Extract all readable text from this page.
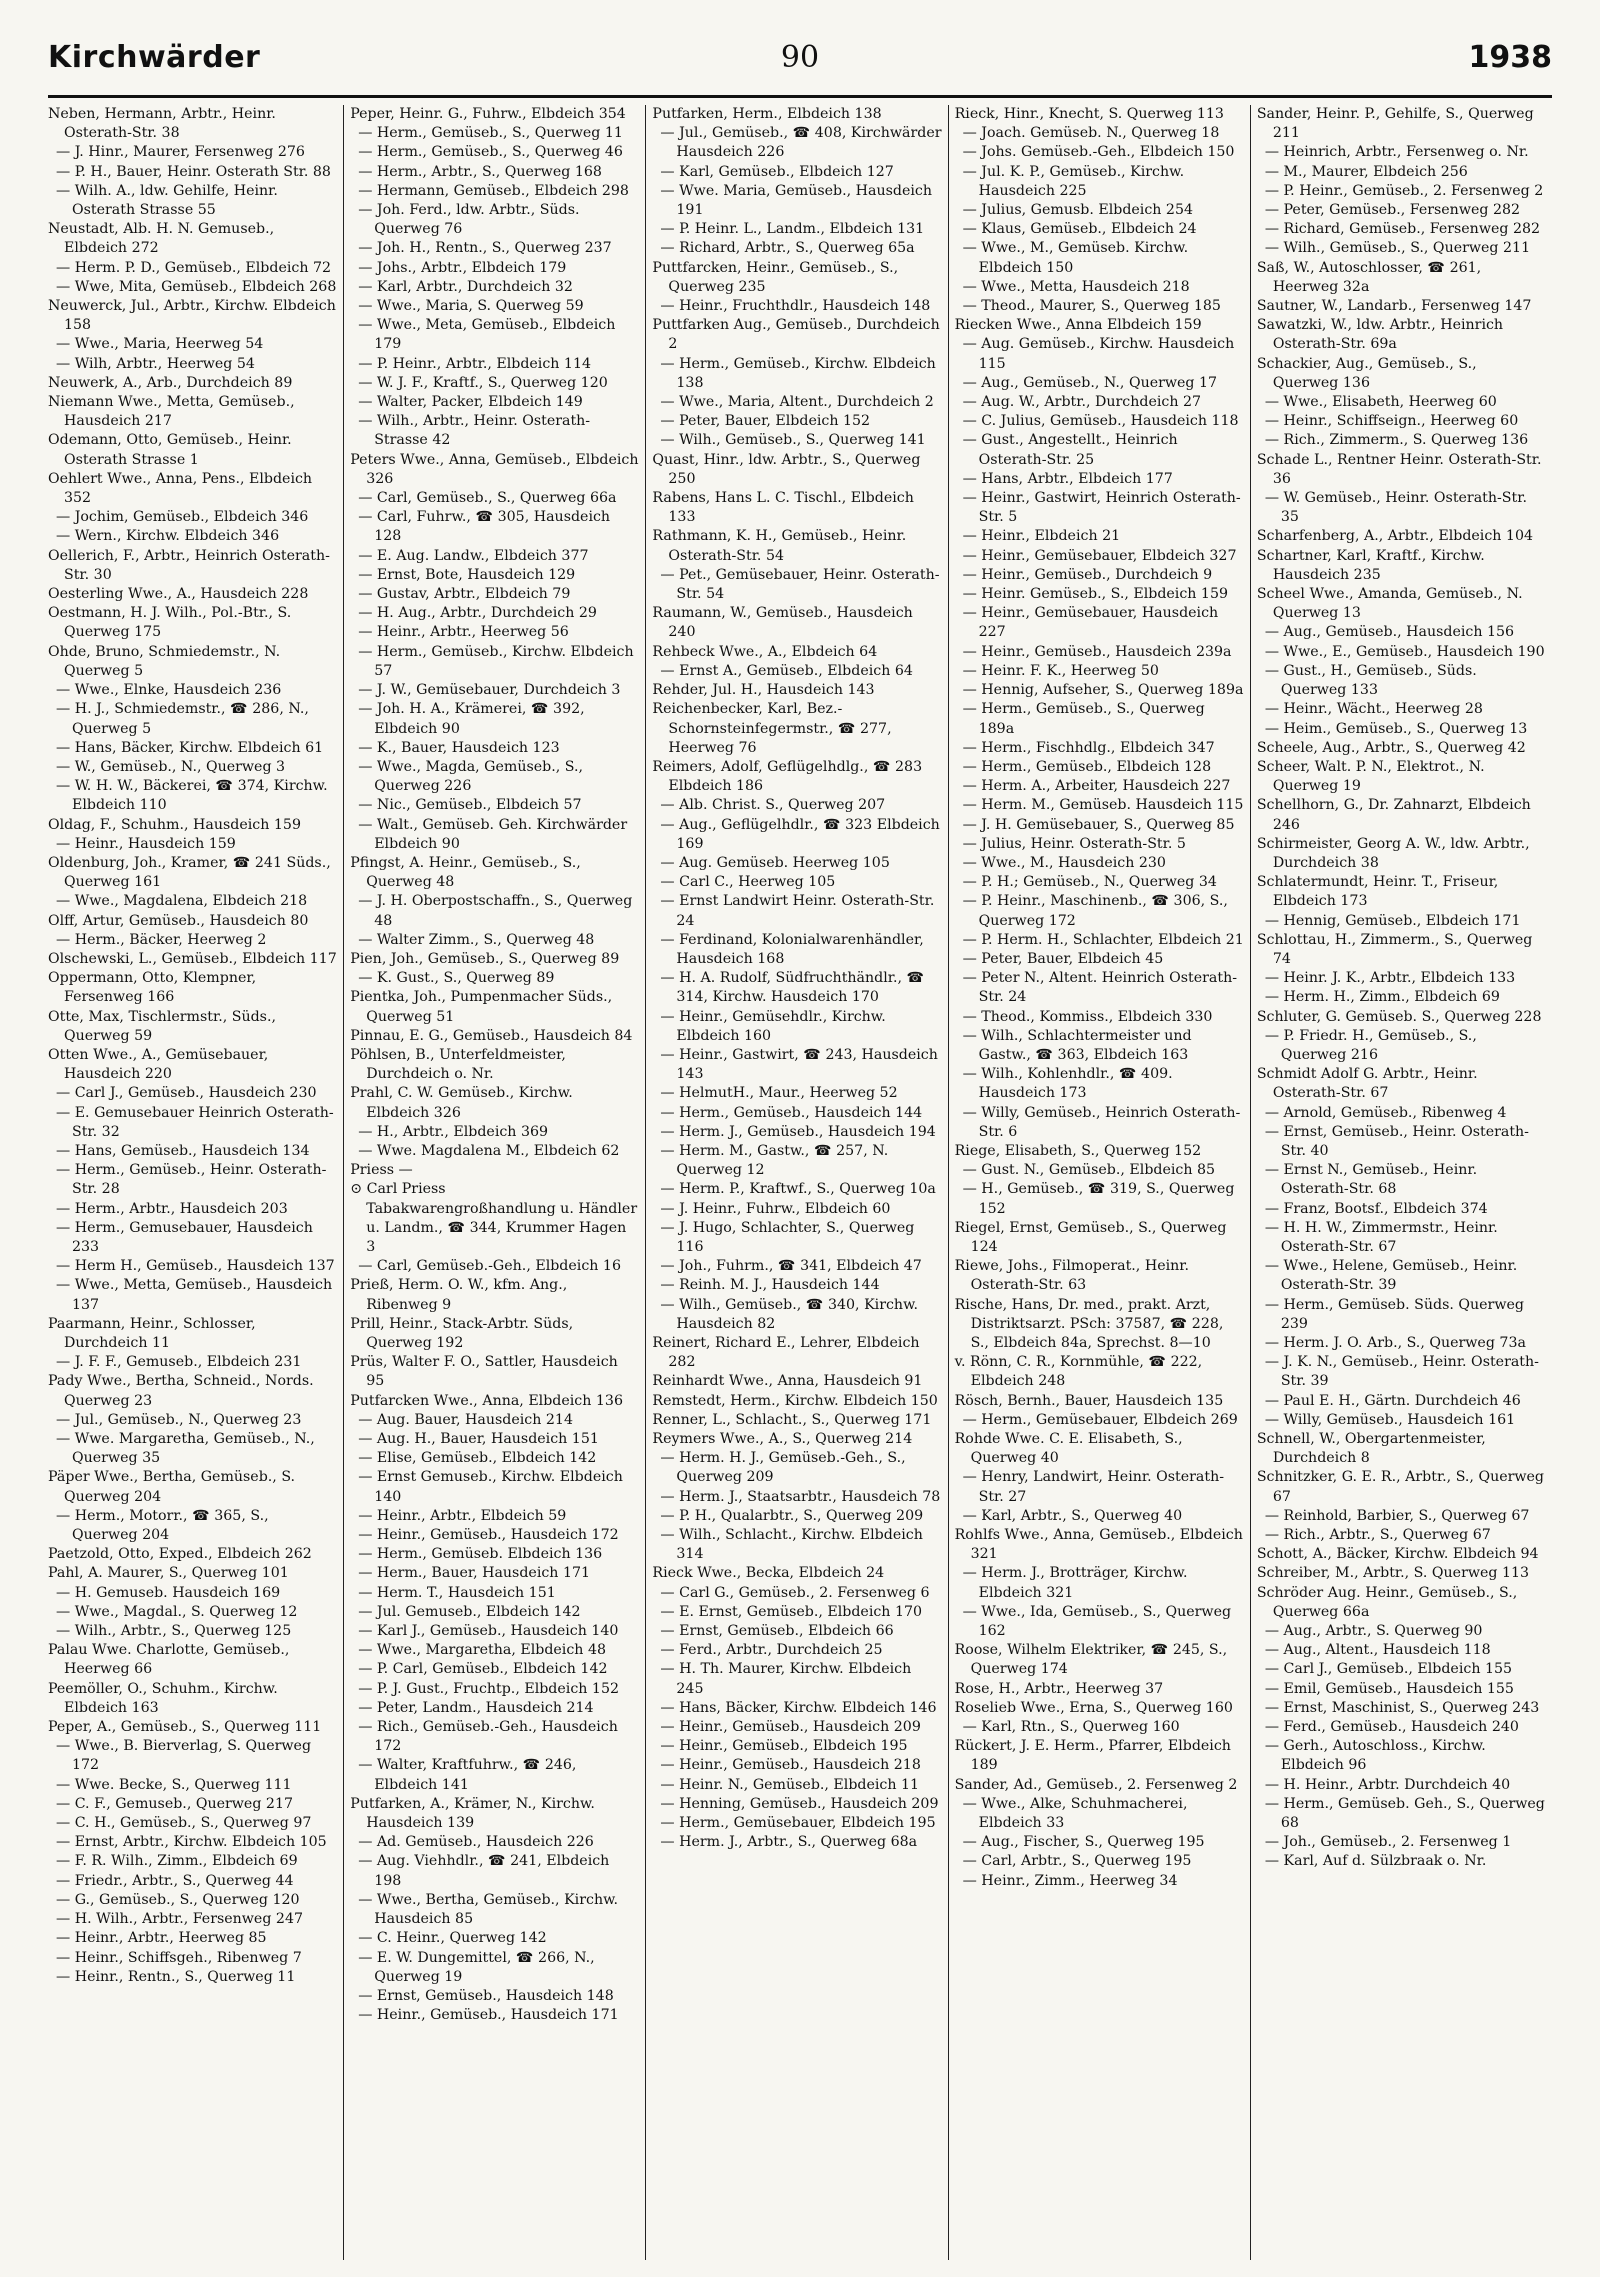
Kirchwärder	90	1938

Neben, Hermann, Arbtr., Heinr. Osterath-Str. 38

— J. Hinr., Maurer, Fersenweg 276

— P. H., Bauer, Heinr. Osterath Str. 88

— Wilh. A., ldw. Gehilfe, Heinr. Osterath Strasse 55

Neustadt, Alb. H. N. Gemuseb., Elbdeich 272

— Herm. P. D., Gemüseb., Elbdeich 72

— Wwe, Mita, Gemüseb., Elbdeich 268

Neuwerck, Jul., Arbtr., Kirchw. Elbdeich 158

— Wwe., Maria, Heerweg 54

— Wilh, Arbtr., Heerweg 54

Neuwerk, A., Arb., Durchdeich 89

Niemann Wwe., Metta, Gemüseb., Hausdeich 217

Odemann, Otto, Gemüseb., Heinr. Osterath Strasse 1

Oehlert Wwe., Anna, Pens., Elbdeich 352

— Jochim, Gemüseb., Elbdeich 346

— Wern., Kirchw. Elbdeich 346

Oellerich, F., Arbtr., Heinrich Osterath-Str. 30

Oesterling Wwe., A., Hausdeich 228

Oestmann, H. J. Wilh., Pol.-Btr., S. Querweg 175

Ohde, Bruno, Schmiedemstr., N. Querweg 5

— Wwe., Elnke, Hausdeich 236

— H. J., Schmiedemstr., ☎ 286, N., Querweg 5

— Hans, Bäcker, Kirchw. Elbdeich 61

— W., Gemüseb., N., Querweg 3

— W. H. W., Bäckerei, ☎ 374, Kirchw. Elbdeich 110

Oldag, F., Schuhm., Hausdeich 159

— Heinr., Hausdeich 159

Oldenburg, Joh., Kramer, ☎ 241 Süds., Querweg 161

— Wwe., Magdalena, Elbdeich 218

Olff, Artur, Gemüseb., Hausdeich 80

— Herm., Bäcker, Heerweg 2

Olschewski, L., Gemüseb., Elbdeich 117

Oppermann, Otto, Klempner, Fersenweg 166

Otte, Max, Tischlermstr., Süds., Querweg 59

Otten Wwe., A., Gemüsebauer, Hausdeich 220

— Carl J., Gemüseb., Hausdeich 230

— E. Gemusebauer Heinrich Osterath-Str. 32

— Hans, Gemüseb., Hausdeich 134

— Herm., Gemüseb., Heinr. Osterath-Str. 28

— Herm., Arbtr., Hausdeich 203

— Herm., Gemusebauer, Hausdeich 233

— Herm H., Gemüseb., Hausdeich 137

— Wwe., Metta, Gemüseb., Hausdeich 137

Paarmann, Heinr., Schlosser, Durchdeich 11

— J. F. F., Gemuseb., Elbdeich 231

Pady Wwe., Bertha, Schneid., Nords. Querweg 23

— Jul., Gemüseb., N., Querweg 23

— Wwe. Margaretha, Gemüseb., N., Querweg 35

Päper Wwe., Bertha, Gemüseb., S. Querweg 204

— Herm., Motorr., ☎ 365, S., Querweg 204

Paetzold, Otto, Exped., Elbdeich 262

Pahl, A. Maurer, S., Querweg 101

— H. Gemuseb. Hausdeich 169

— Wwe., Magdal., S. Querweg 12

— Wilh., Arbtr., S., Querweg 125

Palau Wwe. Charlotte, Gemüseb., Heerweg 66

Peemöller, O., Schuhm., Kirchw. Elbdeich 163

Peper, A., Gemüseb., S., Querweg 111

— Wwe., B. Bierverlag, S. Querweg 172

— Wwe. Becke, S., Querweg 111

— C. F., Gemuseb., Querweg 217

— C. H., Gemüseb., S., Querweg 97

— Ernst, Arbtr., Kirchw. Elbdeich 105

— F. R. Wilh., Zimm., Elbdeich 69

— Friedr., Arbtr., S., Querweg 44

— G., Gemüseb., S., Querweg 120

— H. Wilh., Arbtr., Fersenweg 247

— Heinr., Arbtr., Heerweg 85

— Heinr., Schiffsgeh., Ribenweg 7

— Heinr., Rentn., S., Querweg 11

Peper, Heinr. G., Fuhrw., Elbdeich 354

— Herm., Gemüseb., S., Querweg 11

— Herm., Gemüseb., S., Querweg 46

— Herm., Arbtr., S., Querweg 168

— Hermann, Gemüseb., Elbdeich 298

— Joh. Ferd., ldw. Arbtr., Süds. Querweg 76

— Joh. H., Rentn., S., Querweg 237

— Johs., Arbtr., Elbdeich 179

— Karl, Arbtr., Durchdeich 32

— Wwe., Maria, S. Querweg 59

— Wwe., Meta, Gemüseb., Elbdeich 179

— P. Heinr., Arbtr., Elbdeich 114

— W. J. F., Kraftf., S., Querweg 120

— Walter, Packer, Elbdeich 149

— Wilh., Arbtr., Heinr. Osterath-Strasse 42

Peters Wwe., Anna, Gemüseb., Elbdeich 326

— Carl, Gemüseb., S., Querweg 66a

— Carl, Fuhrw., ☎ 305, Hausdeich 128

— E. Aug. Landw., Elbdeich 377

— Ernst, Bote, Hausdeich 129

— Gustav, Arbtr., Elbdeich 79

— H. Aug., Arbtr., Durchdeich 29

— Heinr., Arbtr., Heerweg 56

— Herm., Gemüseb., Kirchw. Elbdeich 57

— J. W., Gemüsebauer, Durchdeich 3

— Joh. H. A., Krämerei, ☎ 392, Elbdeich 90

— K., Bauer, Hausdeich 123

— Wwe., Magda, Gemüseb., S., Querweg 226

— Nic., Gemüseb., Elbdeich 57

— Walt., Gemüseb. Geh. Kirchwärder Elbdeich 90

Pfingst, A. Heinr., Gemüseb., S., Querweg 48

— J. H. Oberpostschaffn., S., Querweg 48

— Walter Zimm., S., Querweg 48

Pien, Joh., Gemüseb., S., Querweg 89

— K. Gust., S., Querweg 89

Pientka, Joh., Pumpenmacher Süds., Querweg 51

Pinnau, E. G., Gemüseb., Hausdeich 84

Pöhlsen, B., Unterfeldmeister, Durchdeich o. Nr.

Prahl, C. W. Gemüseb., Kirchw. Elbdeich 326

— H., Arbtr., Elbdeich 369

— Wwe. Magdalena M., Elbdeich 62

Priess —

⊙ Carl Priess Tabakwarengroßhandlung u. Händler u. Landm., ☎ 344, Krummer Hagen 3

— Carl, Gemüseb.-Geh., Elbdeich 16

Prieß, Herm. O. W., kfm. Ang., Ribenweg 9

Prill, Heinr., Stack-Arbtr. Süds, Querweg 192

Prüs, Walter F. O., Sattler, Hausdeich 95

Putfarcken Wwe., Anna, Elbdeich 136

— Aug. Bauer, Hausdeich 214

— Aug. H., Bauer, Hausdeich 151

— Elise, Gemüseb., Elbdeich 142

— Ernst Gemuseb., Kirchw. Elbdeich 140

— Heinr., Arbtr., Elbdeich 59

— Heinr., Gemüseb., Hausdeich 172

— Herm., Gemüseb. Elbdeich 136

— Herm., Bauer, Hausdeich 171

— Herm. T., Hausdeich 151

— Jul. Gemuseb., Elbdeich 142

— Karl J., Gemüseb., Hausdeich 140

— Wwe., Margaretha, Elbdeich 48

— P. Carl, Gemüseb., Elbdeich 142

— P. J. Gust., Fruchtp., Elbdeich 152

— Peter, Landm., Hausdeich 214

— Rich., Gemüseb.-Geh., Hausdeich 172

— Walter, Kraftfuhrw., ☎ 246, Elbdeich 141

Putfarken, A., Krämer, N., Kirchw. Hausdeich 139

— Ad. Gemüseb., Hausdeich 226

— Aug. Viehhdlr., ☎ 241, Elbdeich 198

— Wwe., Bertha, Gemüseb., Kirchw. Hausdeich 85

— C. Heinr., Querweg 142

— E. W. Dungemittel, ☎ 266, N., Querweg 19

— Ernst, Gemüseb., Hausdeich 148

— Heinr., Gemüseb., Hausdeich 171

Putfarken, Herm., Elbdeich 138

— Jul., Gemüseb., ☎ 408, Kirchwärder Hausdeich 226

— Karl, Gemüseb., Elbdeich 127

— Wwe. Maria, Gemüseb., Hausdeich 191

— P. Heinr. L., Landm., Elbdeich 131

— Richard, Arbtr., S., Querweg 65a

Puttfarcken, Heinr., Gemüseb., S., Querweg 235

— Heinr., Fruchthdlr., Hausdeich 148

Puttfarken Aug., Gemüseb., Durchdeich 2

— Herm., Gemüseb., Kirchw. Elbdeich 138

— Wwe., Maria, Altent., Durchdeich 2

— Peter, Bauer, Elbdeich 152

— Wilh., Gemüseb., S., Querweg 141

Quast, Hinr., ldw. Arbtr., S., Querweg 250

Rabens, Hans L. C. Tischl., Elbdeich 133

Rathmann, K. H., Gemüseb., Heinr. Osterath-Str. 54

— Pet., Gemüsebauer, Heinr. Osterath-Str. 54

Raumann, W., Gemüseb., Hausdeich 240

Rehbeck Wwe., A., Elbdeich 64

— Ernst A., Gemüseb., Elbdeich 64

Rehder, Jul. H., Hausdeich 143

Reichenbecker, Karl, Bez.-Schornsteinfegermstr., ☎ 277, Heerweg 76

Reimers, Adolf, Geflügelhdlg., ☎ 283 Elbdeich 186

— Alb. Christ. S., Querweg 207

— Aug., Geflügelhdlr., ☎ 323 Elbdeich 169

— Aug. Gemüseb. Heerweg 105

— Carl C., Heerweg 105

— Ernst Landwirt Heinr. Osterath-Str. 24

— Ferdinand, Kolonialwarenhändler, Hausdeich 168

— H. A. Rudolf, Südfruchthändlr., ☎ 314, Kirchw. Hausdeich 170

— Heinr., Gemüsehdlr., Kirchw. Elbdeich 160

— Heinr., Gastwirt, ☎ 243, Hausdeich 143

— HelmutH., Maur., Heerweg 52

— Herm., Gemüseb., Hausdeich 144

— Herm. J., Gemüseb., Hausdeich 194

— Herm. M., Gastw., ☎ 257, N. Querweg 12

— Herm. P., Kraftwf., S., Querweg 10a

— J. Heinr., Fuhrw., Elbdeich 60

— J. Hugo, Schlachter, S., Querweg 116

— Joh., Fuhrm., ☎ 341, Elbdeich 47

— Reinh. M. J., Hausdeich 144

— Wilh., Gemüseb., ☎ 340, Kirchw. Hausdeich 82

Reinert, Richard E., Lehrer, Elbdeich 282

Reinhardt Wwe., Anna, Hausdeich 91

Remstedt, Herm., Kirchw. Elbdeich 150

Renner, L., Schlacht., S., Querweg 171

Reymers Wwe., A., S., Querweg 214

— Herm. H. J., Gemüseb.-Geh., S., Querweg 209

— Herm. J., Staatsarbtr., Hausdeich 78

— P. H., Qualarbtr., S., Querweg 209

— Wilh., Schlacht., Kirchw. Elbdeich 314

Rieck Wwe., Becka, Elbdeich 24

— Carl G., Gemüseb., 2. Fersenweg 6

— E. Ernst, Gemüseb., Elbdeich 170

— Ernst, Gemüseb., Elbdeich 66

— Ferd., Arbtr., Durchdeich 25

— H. Th. Maurer, Kirchw. Elbdeich 245

— Hans, Bäcker, Kirchw. Elbdeich 146

— Heinr., Gemüseb., Hausdeich 209

— Heinr., Gemüseb., Elbdeich 195

— Heinr., Gemüseb., Hausdeich 218

— Heinr. N., Gemüseb., Elbdeich 11

— Henning, Gemüseb., Hausdeich 209

— Herm., Gemüsebauer, Elbdeich 195

— Herm. J., Arbtr., S., Querweg 68a

Rieck, Hinr., Knecht, S. Querweg 113

— Joach. Gemüseb. N., Querweg 18

— Johs. Gemüseb.-Geh., Elbdeich 150

— Jul. K. P., Gemüseb., Kirchw. Hausdeich 225

— Julius, Gemusb. Elbdeich 254

— Klaus, Gemüseb., Elbdeich 24

— Wwe., M., Gemüseb. Kirchw. Elbdeich 150

— Wwe., Metta, Hausdeich 218

— Theod., Maurer, S., Querweg 185

Riecken Wwe., Anna Elbdeich 159

— Aug. Gemüseb., Kirchw. Hausdeich 115

— Aug., Gemüseb., N., Querweg 17

— Aug. W., Arbtr., Durchdeich 27

— C. Julius, Gemüseb., Hausdeich 118

— Gust., Angestellt., Heinrich Osterath-Str. 25

— Hans, Arbtr., Elbdeich 177

— Heinr., Gastwirt, Heinrich Osterath-Str. 5

— Heinr., Elbdeich 21

— Heinr., Gemüsebauer, Elbdeich 327

— Heinr., Gemüseb., Durchdeich 9

— Heinr. Gemüseb., S., Elbdeich 159

— Heinr., Gemüsebauer, Hausdeich 227

— Heinr., Gemüseb., Hausdeich 239a

— Heinr. F. K., Heerweg 50

— Hennig, Aufseher, S., Querweg 189a

— Herm., Gemüseb., S., Querweg 189a

— Herm., Fischhdlg., Elbdeich 347

— Herm., Gemüseb., Elbdeich 128

— Herm. A., Arbeiter, Hausdeich 227

— Herm. M., Gemüseb. Hausdeich 115

— J. H. Gemüsebauer, S., Querweg 85

— Julius, Heinr. Osterath-Str. 5

— Wwe., M., Hausdeich 230

— P. H.; Gemüseb., N., Querweg 34

— P. Heinr., Maschinenb., ☎ 306, S., Querweg 172

— P. Herm. H., Schlachter, Elbdeich 21

— Peter, Bauer, Elbdeich 45

— Peter N., Altent. Heinrich Osterath-Str. 24

— Theod., Kommiss., Elbdeich 330

— Wilh., Schlachtermeister und Gastw., ☎ 363, Elbdeich 163

— Wilh., Kohlenhdlr., ☎ 409. Hausdeich 173

— Willy, Gemüseb., Heinrich Osterath-Str. 6

Riege, Elisabeth, S., Querweg 152

— Gust. N., Gemüseb., Elbdeich 85

— H., Gemüseb., ☎ 319, S., Querweg 152

Riegel, Ernst, Gemüseb., S., Querweg 124

Riewe, Johs., Filmoperat., Heinr. Osterath-Str. 63

Rische, Hans, Dr. med., prakt. Arzt, Distriktsarzt. PSch: 37587, ☎ 228, S., Elbdeich 84a, Sprechst. 8—10

v. Rönn, C. R., Kornmühle, ☎ 222, Elbdeich 248

Rösch, Bernh., Bauer, Hausdeich 135

— Herm., Gemüsebauer, Elbdeich 269

Rohde Wwe. C. E. Elisabeth, S., Querweg 40

— Henry, Landwirt, Heinr. Osterath-Str. 27

— Karl, Arbtr., S., Querweg 40

Rohlfs Wwe., Anna, Gemüseb., Elbdeich 321

— Herm. J., Brotträger, Kirchw. Elbdeich 321

— Wwe., Ida, Gemüseb., S., Querweg 162

Roose, Wilhelm Elektriker, ☎ 245, S., Querweg 174

Rose, H., Arbtr., Heerweg 37

Roselieb Wwe., Erna, S., Querweg 160

— Karl, Rtn., S., Querweg 160

Rückert, J. E. Herm., Pfarrer, Elbdeich 189

Sander, Ad., Gemüseb., 2. Fersenweg 2

— Wwe., Alke, Schuhmacherei, Elbdeich 33

— Aug., Fischer, S., Querweg 195

— Carl, Arbtr., S., Querweg 195

— Heinr., Zimm., Heerweg 34

Sander, Heinr. P., Gehilfe, S., Querweg 211

— Heinrich, Arbtr., Fersenweg o. Nr.

— M., Maurer, Elbdeich 256

— P. Heinr., Gemüseb., 2. Fersenweg 2

— Peter, Gemüseb., Fersenweg 282

— Richard, Gemüseb., Fersenweg 282

— Wilh., Gemüseb., S., Querweg 211

Saß, W., Autoschlosser, ☎ 261, Heerweg 32a

Sautner, W., Landarb., Fersenweg 147

Sawatzki, W., ldw. Arbtr., Heinrich Osterath-Str. 69a

Schackier, Aug., Gemüseb., S., Querweg 136

— Wwe., Elisabeth, Heerweg 60

— Heinr., Schiffseign., Heerweg 60

— Rich., Zimmerm., S. Querweg 136

Schade L., Rentner Heinr. Osterath-Str. 36

— W. Gemüseb., Heinr. Osterath-Str. 35

Scharfenberg, A., Arbtr., Elbdeich 104

Schartner, Karl, Kraftf., Kirchw. Hausdeich 235

Scheel Wwe., Amanda, Gemüseb., N. Querweg 13

— Aug., Gemüseb., Hausdeich 156

— Wwe., E., Gemüseb., Hausdeich 190

— Gust., H., Gemüseb., Süds. Querweg 133

— Heinr., Wächt., Heerweg 28

— Heim., Gemüseb., S., Querweg 13

Scheele, Aug., Arbtr., S., Querweg 42

Scheer, Walt. P. N., Elektrot., N. Querweg 19

Schellhorn, G., Dr. Zahnarzt, Elbdeich 246

Schirmeister, Georg A. W., ldw. Arbtr., Durchdeich 38

Schlatermundt, Heinr. T., Friseur, Elbdeich 173

— Hennig, Gemüseb., Elbdeich 171

Schlottau, H., Zimmerm., S., Querweg 74

— Heinr. J. K., Arbtr., Elbdeich 133

— Herm. H., Zimm., Elbdeich 69

Schluter, G. Gemüseb. S., Querweg 228

— P. Friedr. H., Gemüseb., S., Querweg 216

Schmidt Adolf G. Arbtr., Heinr. Osterath-Str. 67

— Arnold, Gemüseb., Ribenweg 4

— Ernst, Gemüseb., Heinr. Osterath-Str. 40

— Ernst N., Gemüseb., Heinr. Osterath-Str. 68

— Franz, Bootsf., Elbdeich 374

— H. H. W., Zimmermstr., Heinr. Osterath-Str. 67

— Wwe., Helene, Gemüseb., Heinr. Osterath-Str. 39

— Herm., Gemüseb. Süds. Querweg 239

— Herm. J. O. Arb., S., Querweg 73a

— J. K. N., Gemüseb., Heinr. Osterath-Str. 39

— Paul E. H., Gärtn. Durchdeich 46

— Willy, Gemüseb., Hausdeich 161

Schnell, W., Obergartenmeister, Durchdeich 8

Schnitzker, G. E. R., Arbtr., S., Querweg 67

— Reinhold, Barbier, S., Querweg 67

— Rich., Arbtr., S., Querweg 67

Schott, A., Bäcker, Kirchw. Elbdeich 94

Schreiber, M., Arbtr., S. Querweg 113

Schröder Aug. Heinr., Gemüseb., S., Querweg 66a

— Aug., Arbtr., S. Querweg 90

— Aug., Altent., Hausdeich 118

— Carl J., Gemüseb., Elbdeich 155

— Emil, Gemüseb., Hausdeich 155

— Ernst, Maschinist, S., Querweg 243

— Ferd., Gemüseb., Hausdeich 240

— Gerh., Autoschloss., Kirchw. Elbdeich 96

— H. Heinr., Arbtr. Durchdeich 40

— Herm., Gemüseb. Geh., S., Querweg 68

— Joh., Gemüseb., 2. Fersenweg 1

— Karl, Auf d. Sülzbraak o. Nr.
